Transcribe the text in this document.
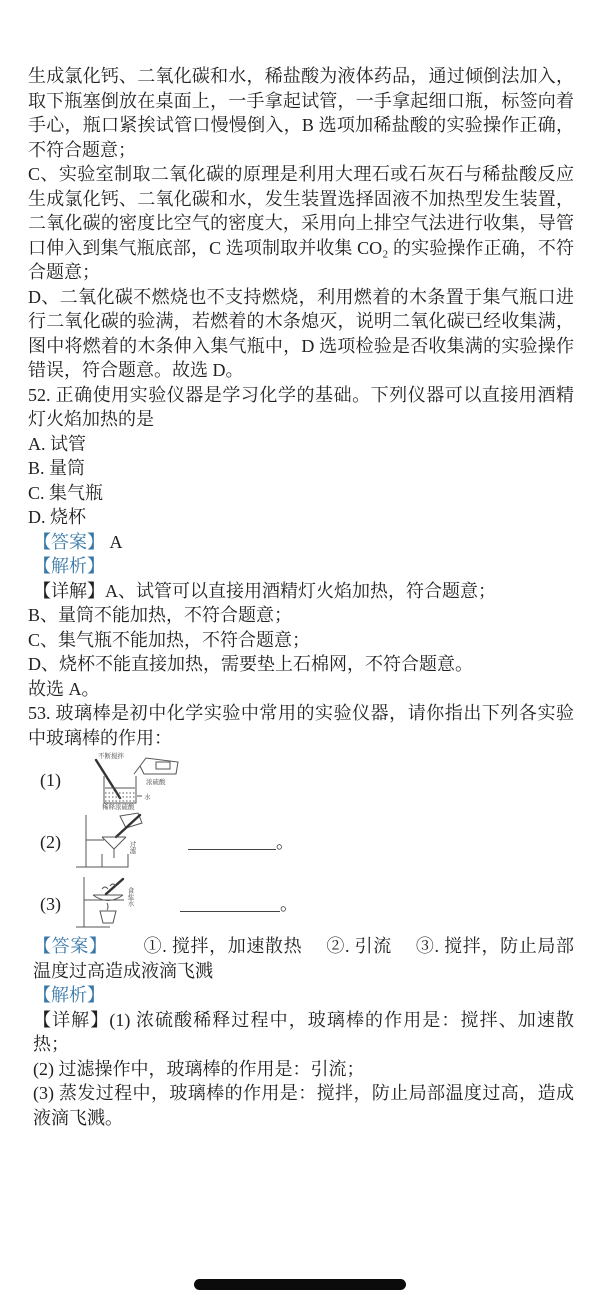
生成氯化钙、二氧化碳和水，稀盐酸为液体药品，通过倾倒法加入，取下瓶塞倒放在桌面上，一手拿起试管，一手拿起细口瓶，标签向着手心，瓶口紧挨试管口慢慢倒入，B 选项加稀盐酸的实验操作正确，不符合题意；

C、实验室制取二氧化碳的原理是利用大理石或石灰石与稀盐酸反应生成氯化钙、二氧化碳和水，发生装置选择固液不加热型发生装置，二氧化碳的密度比空气的密度大，采用向上排空气法进行收集，导管口伸入到集气瓶底部，C 选项制取并收集 CO₂ 的实验操作正确，不符合题意；

D、二氧化碳不燃烧也不支持燃烧，利用燃着的木条置于集气瓶口进行二氧化碳的验满，若燃着的木条熄灭，说明二氧化碳已经收集满，图中将燃着的木条伸入集气瓶中，D 选项检验是否收集满的实验操作错误，符合题意。故选 D。

52. 正确使用实验仪器是学习化学的基础。下列仪器可以直接用酒精灯火焰加热的是

A. 试管

B. 量筒

C. 集气瓶

D. 烧杯

【答案】 A

【解析】

【详解】A、试管可以直接用酒精灯火焰加热，符合题意；

B、量筒不能加热，不符合题意；

C、集气瓶不能加热，不符合题意；

D、烧杯不能直接加热，需要垫上石棉网，不符合题意。

故选 A。

53. 玻璃棒是初中化学实验中常用的实验仪器，请你指出下列各实验中玻璃棒的作用：

(1)
不断搅拌
浓硫酸
水
稀释浓硫酸
(2)	过滤	。
(3)	食盐水	。

【答案】 ①. 搅拌，加速散热 ②. 引流 ③. 搅拌，防止局部温度过高造成液滴飞溅

【解析】

【详解】(1) 浓硫酸稀释过程中，玻璃棒的作用是：搅拌、加速散热；

(2) 过滤操作中，玻璃棒的作用是：引流；

(3) 蒸发过程中，玻璃棒的作用是：搅拌，防止局部温度过高，造成液滴飞溅。
